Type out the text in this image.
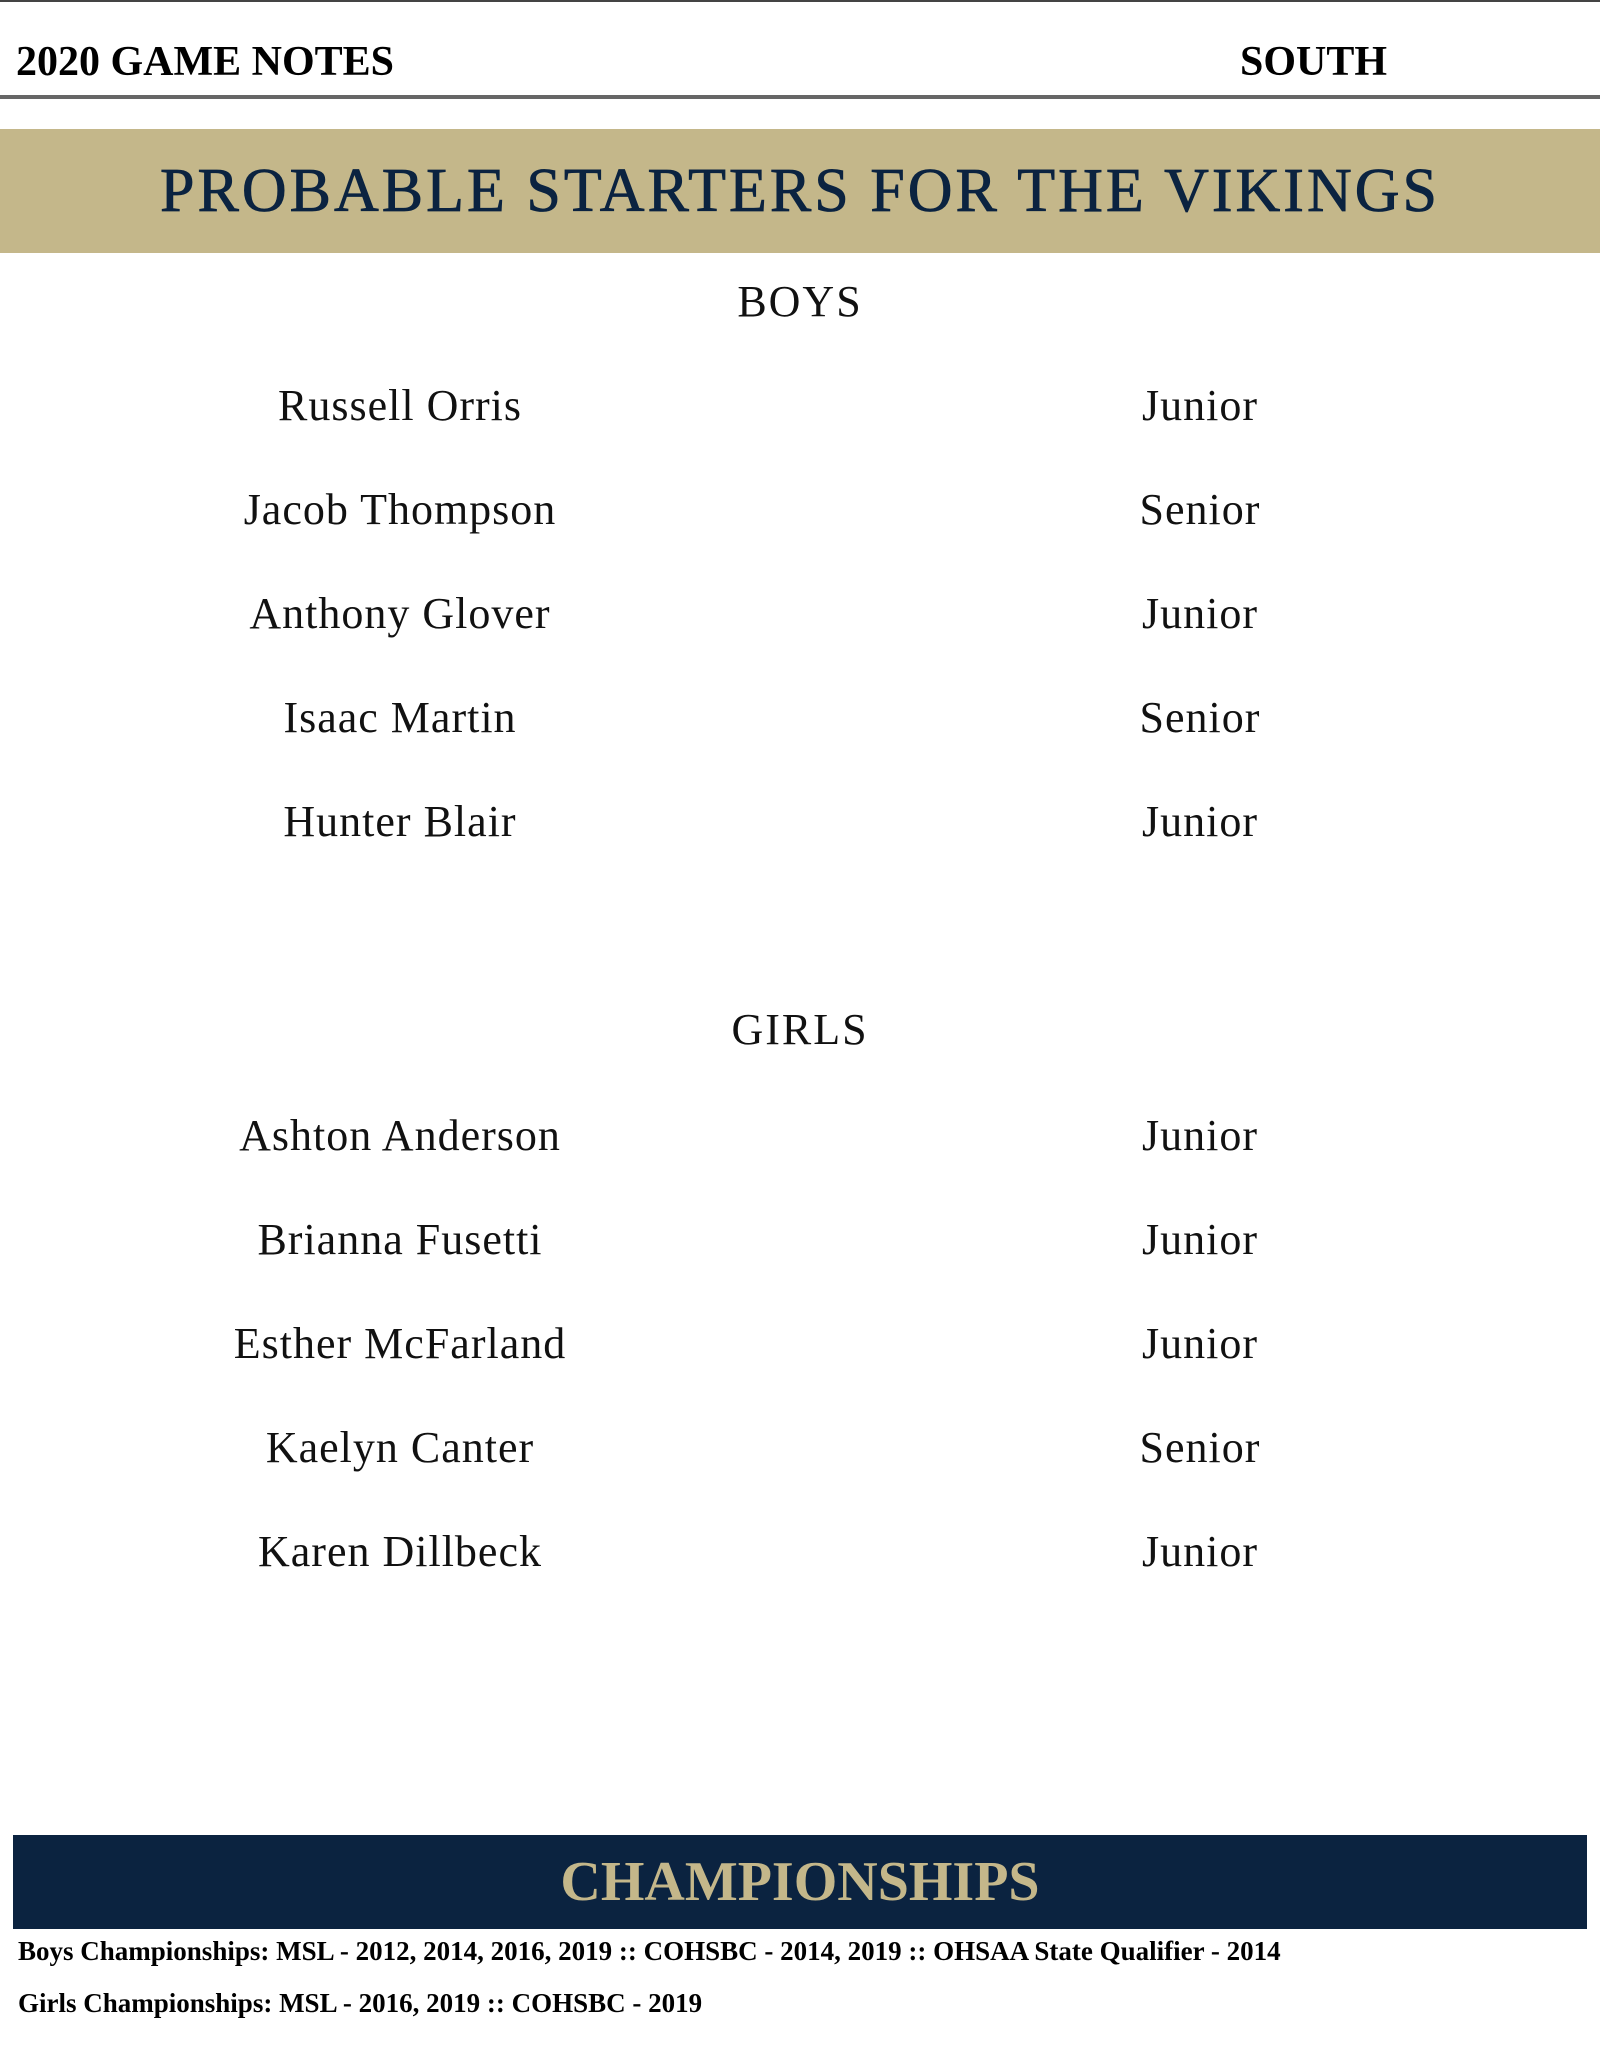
2020 GAME NOTES	SOUTH
PROBABLE STARTERS FOR THE VIKINGS
BOYS
Russell Orris	Junior
Jacob Thompson	Senior
Anthony Glover	Junior
Isaac Martin	Senior
Hunter Blair	Junior
GIRLS
Ashton Anderson	Junior
Brianna Fusetti	Junior
Esther McFarland	Junior
Kaelyn Canter	Senior
Karen Dillbeck	Junior
CHAMPIONSHIPS
Boys Championships: MSL - 2012, 2014, 2016, 2019 :: COHSBC - 2014, 2019 :: OHSAA State Qualifier - 2014
Girls Championships: MSL - 2016, 2019 :: COHSBC - 2019
